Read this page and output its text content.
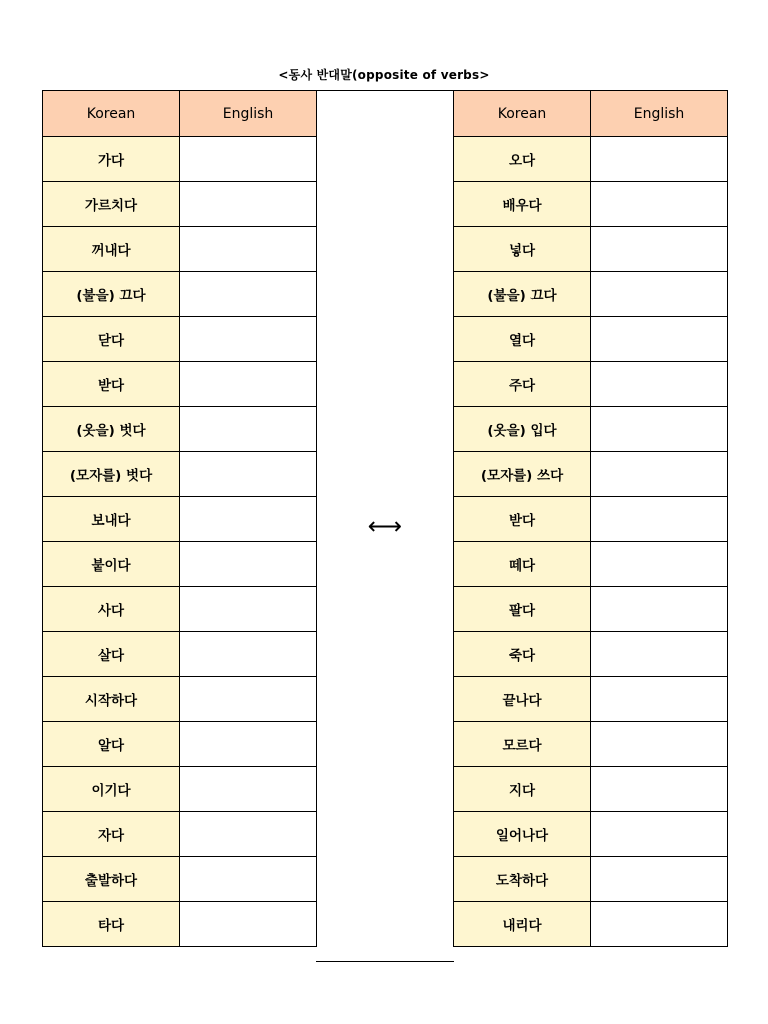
<동사 반대말(opposite of verbs>
Korean	English
가다	
가르치다	
꺼내다	
(불을) 끄다	
닫다	
받다	
(옷을) 벗다	
(모자를) 벗다	
보내다	
붙이다	
사다	
살다	
시작하다	
알다	
이기다	
자다	
출발하다	
타다	
⟷
Korean	English
오다	
배우다	
넣다	
(불을) 끄다	
열다	
주다	
(옷을) 입다	
(모자를) 쓰다	
받다	
떼다	
팔다	
죽다	
끝나다	
모르다	
지다	
일어나다	
도착하다	
내리다	
